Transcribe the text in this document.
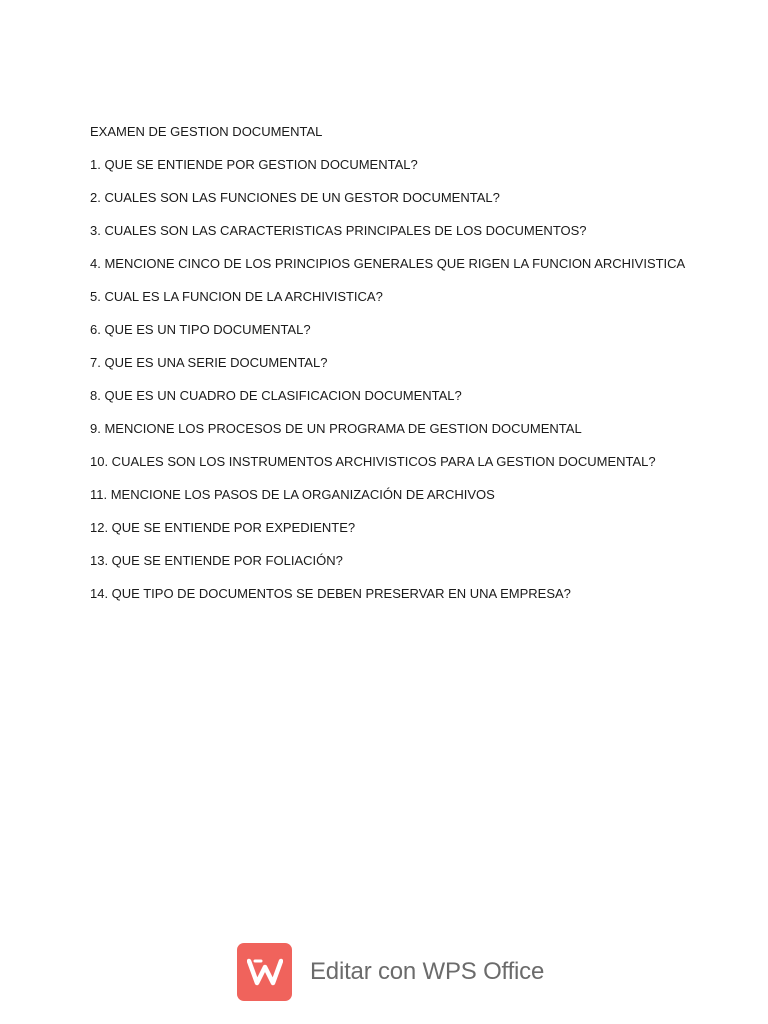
EXAMEN DE GESTION DOCUMENTAL
1. QUE SE ENTIENDE POR GESTION DOCUMENTAL?
2. CUALES SON LAS FUNCIONES DE UN GESTOR DOCUMENTAL?
3. CUALES SON LAS CARACTERISTICAS PRINCIPALES DE LOS DOCUMENTOS?
4. MENCIONE CINCO DE LOS PRINCIPIOS GENERALES QUE RIGEN LA FUNCION ARCHIVISTICA
5. CUAL ES LA FUNCION DE LA ARCHIVISTICA?
6. QUE ES UN TIPO DOCUMENTAL?
7. QUE ES UNA SERIE DOCUMENTAL?
8. QUE ES UN CUADRO DE CLASIFICACION DOCUMENTAL?
9. MENCIONE LOS PROCESOS DE UN PROGRAMA DE GESTION DOCUMENTAL
10. CUALES SON LOS INSTRUMENTOS ARCHIVISTICOS PARA LA GESTION DOCUMENTAL?
11. MENCIONE LOS PASOS DE LA ORGANIZACIÓN DE ARCHIVOS
12. QUE SE ENTIENDE POR EXPEDIENTE?
13. QUE SE ENTIENDE POR FOLIACIÓN?
14. QUE TIPO DE DOCUMENTOS SE DEBEN PRESERVAR EN UNA EMPRESA?
Editar con WPS Office
